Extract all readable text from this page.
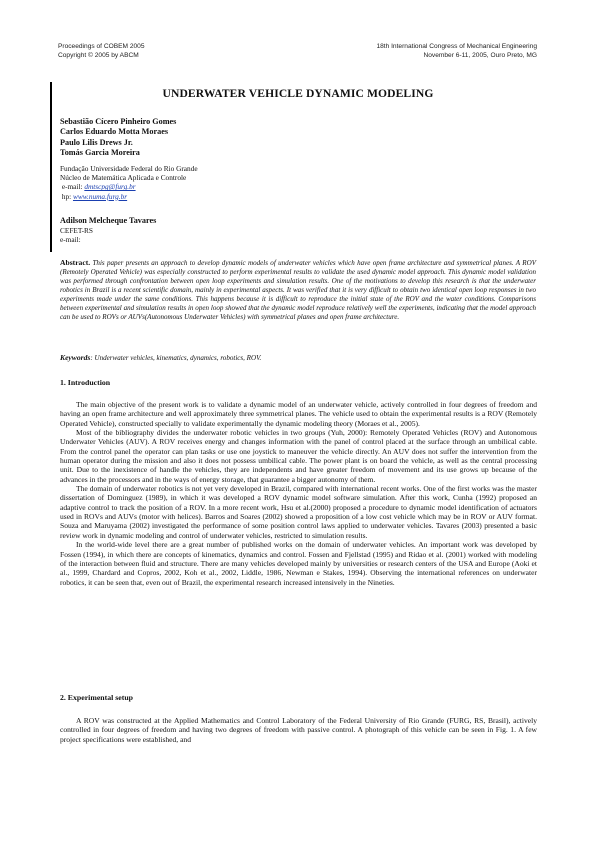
Proceedings of COBEM 2005
Copyright © 2005 by ABCM
18th International Congress of Mechanical Engineering
November 6-11, 2005, Ouro Preto, MG
UNDERWATER VEHICLE DYNAMIC MODELING
Sebastião Cícero Pinheiro Gomes
Carlos Eduardo Motta Moraes
Paulo Lilis Drews Jr.
Tomás Garcia Moreira
Fundação Universidade Federal do Rio Grande
Núcleo de Matemática Aplicada e Controle
e-mail: dmtscpg@furg.br
hp: www.numa.furg.br
Adilson Melcheque Tavares
CEFET-RS
e-mail:
Abstract. This paper presents an approach to develop dynamic models of underwater vehicles which have open frame architecture and symmetrical planes. A ROV (Remotely Operated Vehicle) was especially constructed to perform experimental results to validate the used dynamic model approach. This dynamic model validation was performed through confrontation between open loop experiments and simulation results. One of the motivations to develop this research is that the underwater robotics in Brazil is a recent scientific domain, mainly in experimental aspects. It was verified that it is very difficult to obtain two identical open loop responses in two experiments made under the same conditions. This happens because it is difficult to reproduce the initial state of the ROV and the water conditions. Comparisons between experimental and simulation results in open loop showed that the dynamic model reproduce relatively well the experiments, indicating that the model approach can be used to ROVs or AUVs(Autonomous Underwater Vehicles) with symmetrical planes and open frame architecture.
Keywords: Underwater vehicles, kinematics, dynamics, robotics, ROV.
1. Introduction

The main objective of the present work is to validate a dynamic model of an underwater vehicle, actively controlled in four degrees of freedom and having an open frame architecture and well approximately three symmetrical planes. The vehicle used to obtain the experimental results is a ROV (Remotely Operated Vehicle), constructed specially to validate experimentally the dynamic modeling theory (Moraes et al., 2005).

Most of the bibliography divides the underwater robotic vehicles in two groups (Yuh, 2000): Remotely Operated Vehicles (ROV) and Autonomous Underwater Vehicles (AUV). A ROV receives energy and changes information with the panel of control placed at the surface through an umbilical cable. From the control panel the operator can plan tasks or use one joystick to maneuver the vehicle directly. An AUV does not suffer the intervention from the human operator during the mission and also it does not possess umbilical cable. The power plant is on board the vehicle, as well as the central processing unit. Due to the inexistence of handle the vehicles, they are independents and have greater freedom of movement and its use grows up because of the advances in the processors and in the ways of energy storage, that guarantee a bigger autonomy of them.

The domain of underwater robotics is not yet very developed in Brazil, compared with international recent works. One of the first works was the master dissertation of Dominguez (1989), in which it was developed a ROV dynamic model software simulation. After this work, Cunha (1992) proposed an adaptive control to track the position of a ROV. In a more recent work, Hsu et al.(2000) proposed a procedure to dynamic model identification of actuators used in ROVs and AUVs (motor with helices). Barros and Soares (2002) showed a proposition of a low cost vehicle which may be in ROV or AUV format. Souza and Maruyama (2002) investigated the performance of some position control laws applied to underwater vehicles. Tavares (2003) presented a basic review work in dynamic modeling and control of underwater vehicles, restricted to simulation results.

In the world-wide level there are a great number of published works on the domain of underwater vehicles. An important work was developed by Fossen (1994), in which there are concepts of kinematics, dynamics and control. Fossen and Fjellstad (1995) and Ridao et al. (2001) worked with modeling of the interaction between fluid and structure. There are many vehicles developed mainly by universities or research centers of the USA and Europe (Aoki et al., 1999, Chardard and Copros, 2002, Koh et al., 2002, Liddle, 1986, Newman e Stakes, 1994). Observing the international references on underwater robotics, it can be seen that, even out of Brazil, the experimental research increased intensively in the Nineties.

2. Experimental setup

A ROV was constructed at the Applied Mathematics and Control Laboratory of the Federal University of Rio Grande (FURG, RS, Brasil), actively controlled in four degrees of freedom and having two degrees of freedom with passive control. A photograph of this vehicle can be seen in Fig. 1. A few project specifications were established, and
